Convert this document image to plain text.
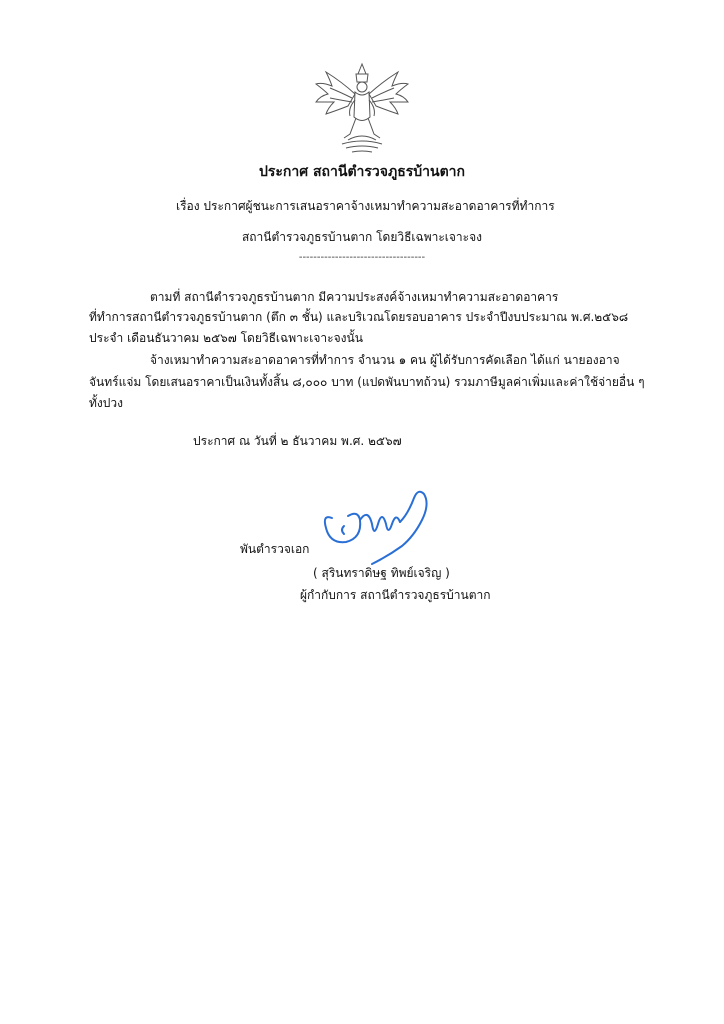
ประกาศ สถานีตำรวจภูธรบ้านตาก
เรื่อง ประกาศผู้ชนะการเสนอราคาจ้างเหมาทำความสะอาดอาคารที่ทำการ
สถานีตำรวจภูธรบ้านตาก โดยวิธีเฉพาะเจาะจง
-----------------------------------
ตามที่ สถานีตำรวจภูธรบ้านตาก มีความประสงค์จ้างเหมาทำความสะอาดอาคาร
ที่ทำการสถานีตำรวจภูธรบ้านตาก (ตึก ๓ ชั้น) และบริเวณโดยรอบอาคาร ประจำปีงบประมาณ พ.ศ.๒๕๖๘
ประจำ เดือนธันวาคม ๒๕๖๗ โดยวิธีเฉพาะเจาะจงนั้น
จ้างเหมาทำความสะอาดอาคารที่ทำการ จำนวน ๑ คน ผู้ได้รับการคัดเลือก ได้แก่ นายองอาจ
จันทร์แจ่ม โดยเสนอราคาเป็นเงินทั้งสิ้น ๘,๐๐๐ บาท (แปดพันบาทถ้วน) รวมภาษีมูลค่าเพิ่มและค่าใช้จ่ายอื่น ๆ
ทั้งปวง
ประกาศ ณ วันที่ ๒ ธันวาคม พ.ศ. ๒๕๖๗
พันตำรวจเอก
( สุรินทราดิษฐ ทิพย์เจริญ )
ผู้กำกับการ สถานีตำรวจภูธรบ้านตาก
